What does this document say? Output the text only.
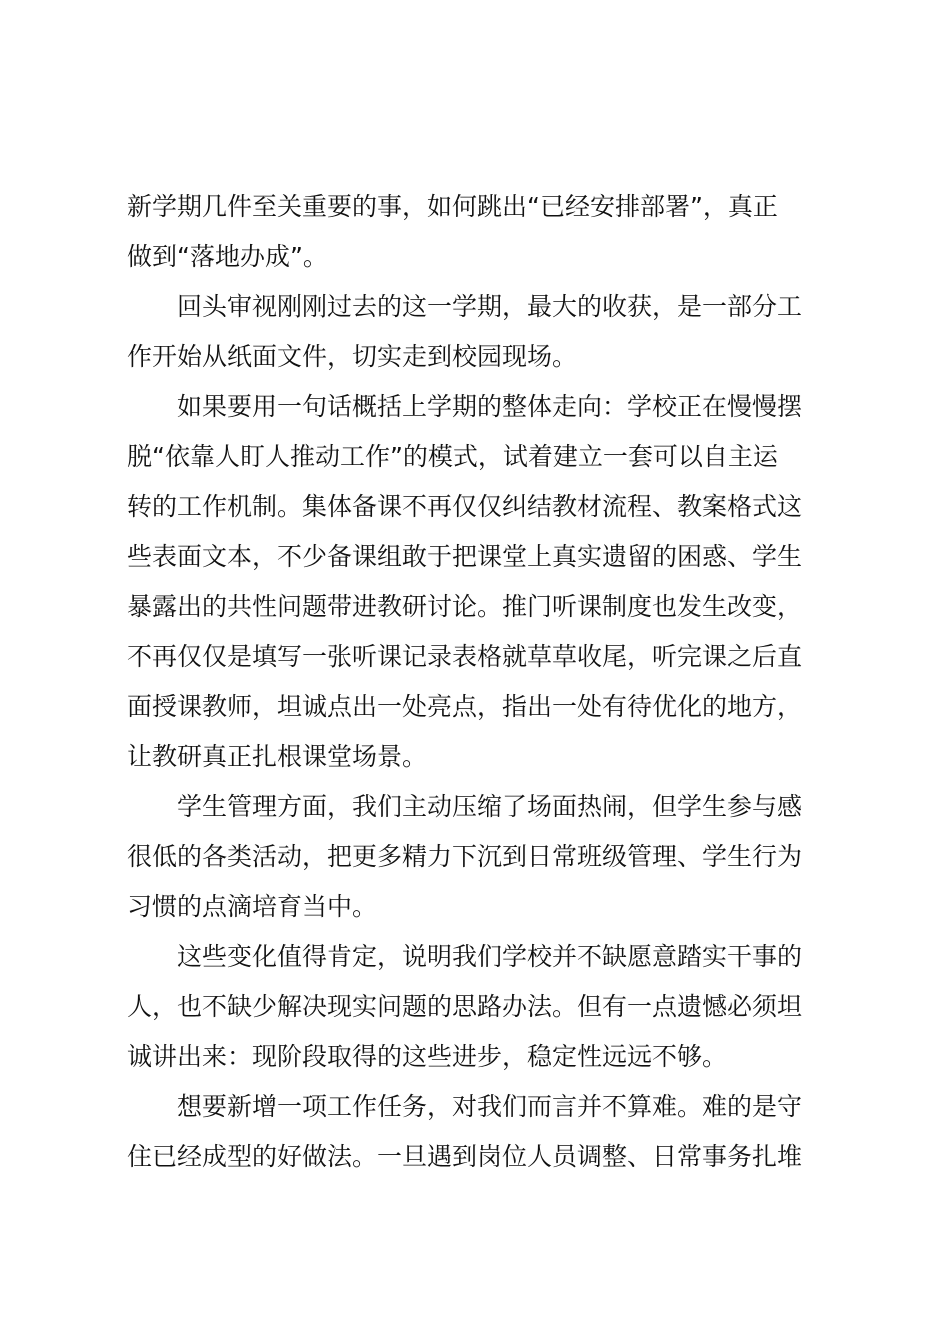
新学期几件至关重要的事，如何跳出“已经安排部署”，真正
做到“落地办成”。
　　回头审视刚刚过去的这一学期，最大的收获，是一部分工
作开始从纸面文件，切实走到校园现场。
　　如果要用一句话概括上学期的整体走向：学校正在慢慢摆
脱“依靠人盯人推动工作”的模式，试着建立一套可以自主运
转的工作机制。集体备课不再仅仅纠结教材流程、教案格式这
些表面文本，不少备课组敢于把课堂上真实遗留的困惑、学生
暴露出的共性问题带进教研讨论。推门听课制度也发生改变，
不再仅仅是填写一张听课记录表格就草草收尾，听完课之后直
面授课教师，坦诚点出一处亮点，指出一处有待优化的地方，
让教研真正扎根课堂场景。
　　学生管理方面，我们主动压缩了场面热闹，但学生参与感
很低的各类活动，把更多精力下沉到日常班级管理、学生行为
习惯的点滴培育当中。
　　这些变化值得肯定，说明我们学校并不缺愿意踏实干事的
人，也不缺少解决现实问题的思路办法。但有一点遗憾必须坦
诚讲出来：现阶段取得的这些进步，稳定性远远不够。
　　想要新增一项工作任务，对我们而言并不算难。难的是守
住已经成型的好做法。一旦遇到岗位人员调整、日常事务扎堆
